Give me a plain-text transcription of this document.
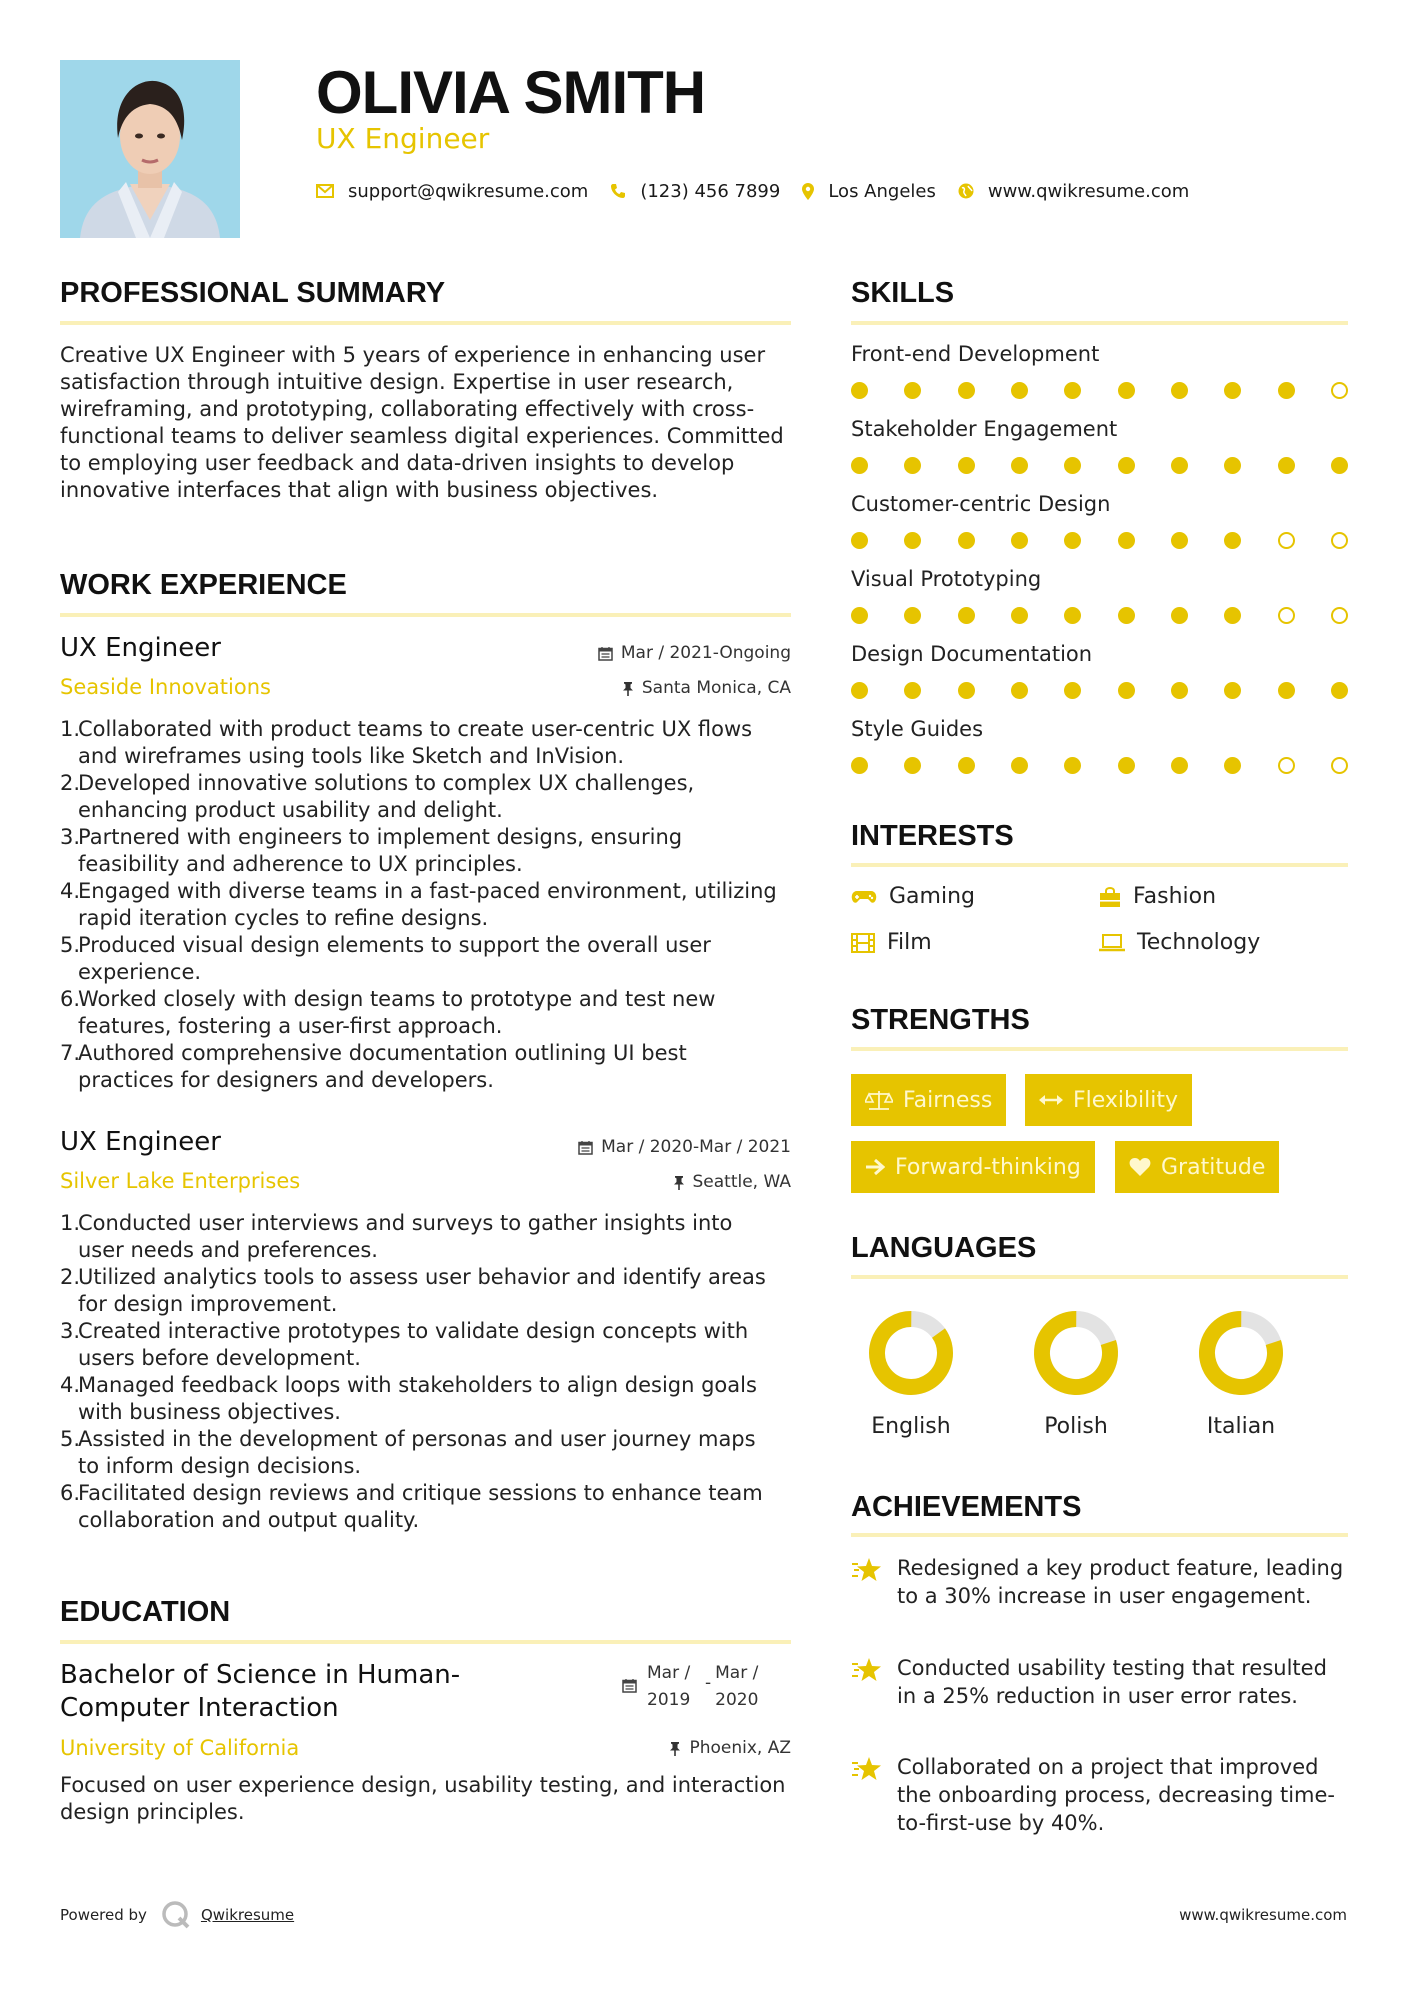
OLIVIA SMITH
UX Engineer
support@qwikresume.com	(123) 456 7899	Los Angeles	www.qwikresume.com
PROFESSIONAL SUMMARY
Creative UX Engineer with 5 years of experience in enhancing user satisfaction through intuitive design. Expertise in user research, wireframing, and prototyping, collaborating effectively with cross-functional teams to deliver seamless digital experiences. Committed to employing user feedback and data-driven insights to develop innovative interfaces that align with business objectives.
WORK EXPERIENCE
UX Engineer	Mar / 2021-Ongoing
Seaside Innovations	Santa Monica, CA
1.
Collaborated with product teams to create user-centric UX flows and wireframes using tools like Sketch and InVision.
2.
Developed innovative solutions to complex UX challenges, enhancing product usability and delight.
3.
Partnered with engineers to implement designs, ensuring feasibility and adherence to UX principles.
4.
Engaged with diverse teams in a fast-paced environment, utilizing rapid iteration cycles to refine designs.
5.
Produced visual design elements to support the overall user experience.
6.
Worked closely with design teams to prototype and test new features, fostering a user-first approach.
7.
Authored comprehensive documentation outlining UI best practices for designers and developers.
UX Engineer	Mar / 2020-Mar / 2021
Silver Lake Enterprises	Seattle, WA
1.
Conducted user interviews and surveys to gather insights into user needs and preferences.
2.
Utilized analytics tools to assess user behavior and identify areas for design improvement.
3.
Created interactive prototypes to validate design concepts with users before development.
4.
Managed feedback loops with stakeholders to align design goals with business objectives.
5.
Assisted in the development of personas and user journey maps to inform design decisions.
6.
Facilitated design reviews and critique sessions to enhance team collaboration and output quality.
EDUCATION
Bachelor of Science in Human-Computer Interaction
Mar / 2019
- Mar / 2020
University of California	Phoenix, AZ
Focused on user experience design, usability testing, and interaction design principles.
SKILLS
Front-end Development
Stakeholder Engagement
Customer-centric Design
Visual Prototyping
Design Documentation
Style Guides
INTERESTS
Gaming	Fashion
Film	Technology
STRENGTHS
Fairness	Flexibility
Forward-thinking	Gratitude
LANGUAGES
English	Polish	Italian
ACHIEVEMENTS
Redesigned a key product feature, leading to a 30% increase in user engagement.
Conducted usability testing that resulted in a 25% reduction in user error rates.
Collaborated on a project that improved the onboarding process, decreasing time-to-first-use by 40%.
Powered by	Qwikresume	www.qwikresume.com
